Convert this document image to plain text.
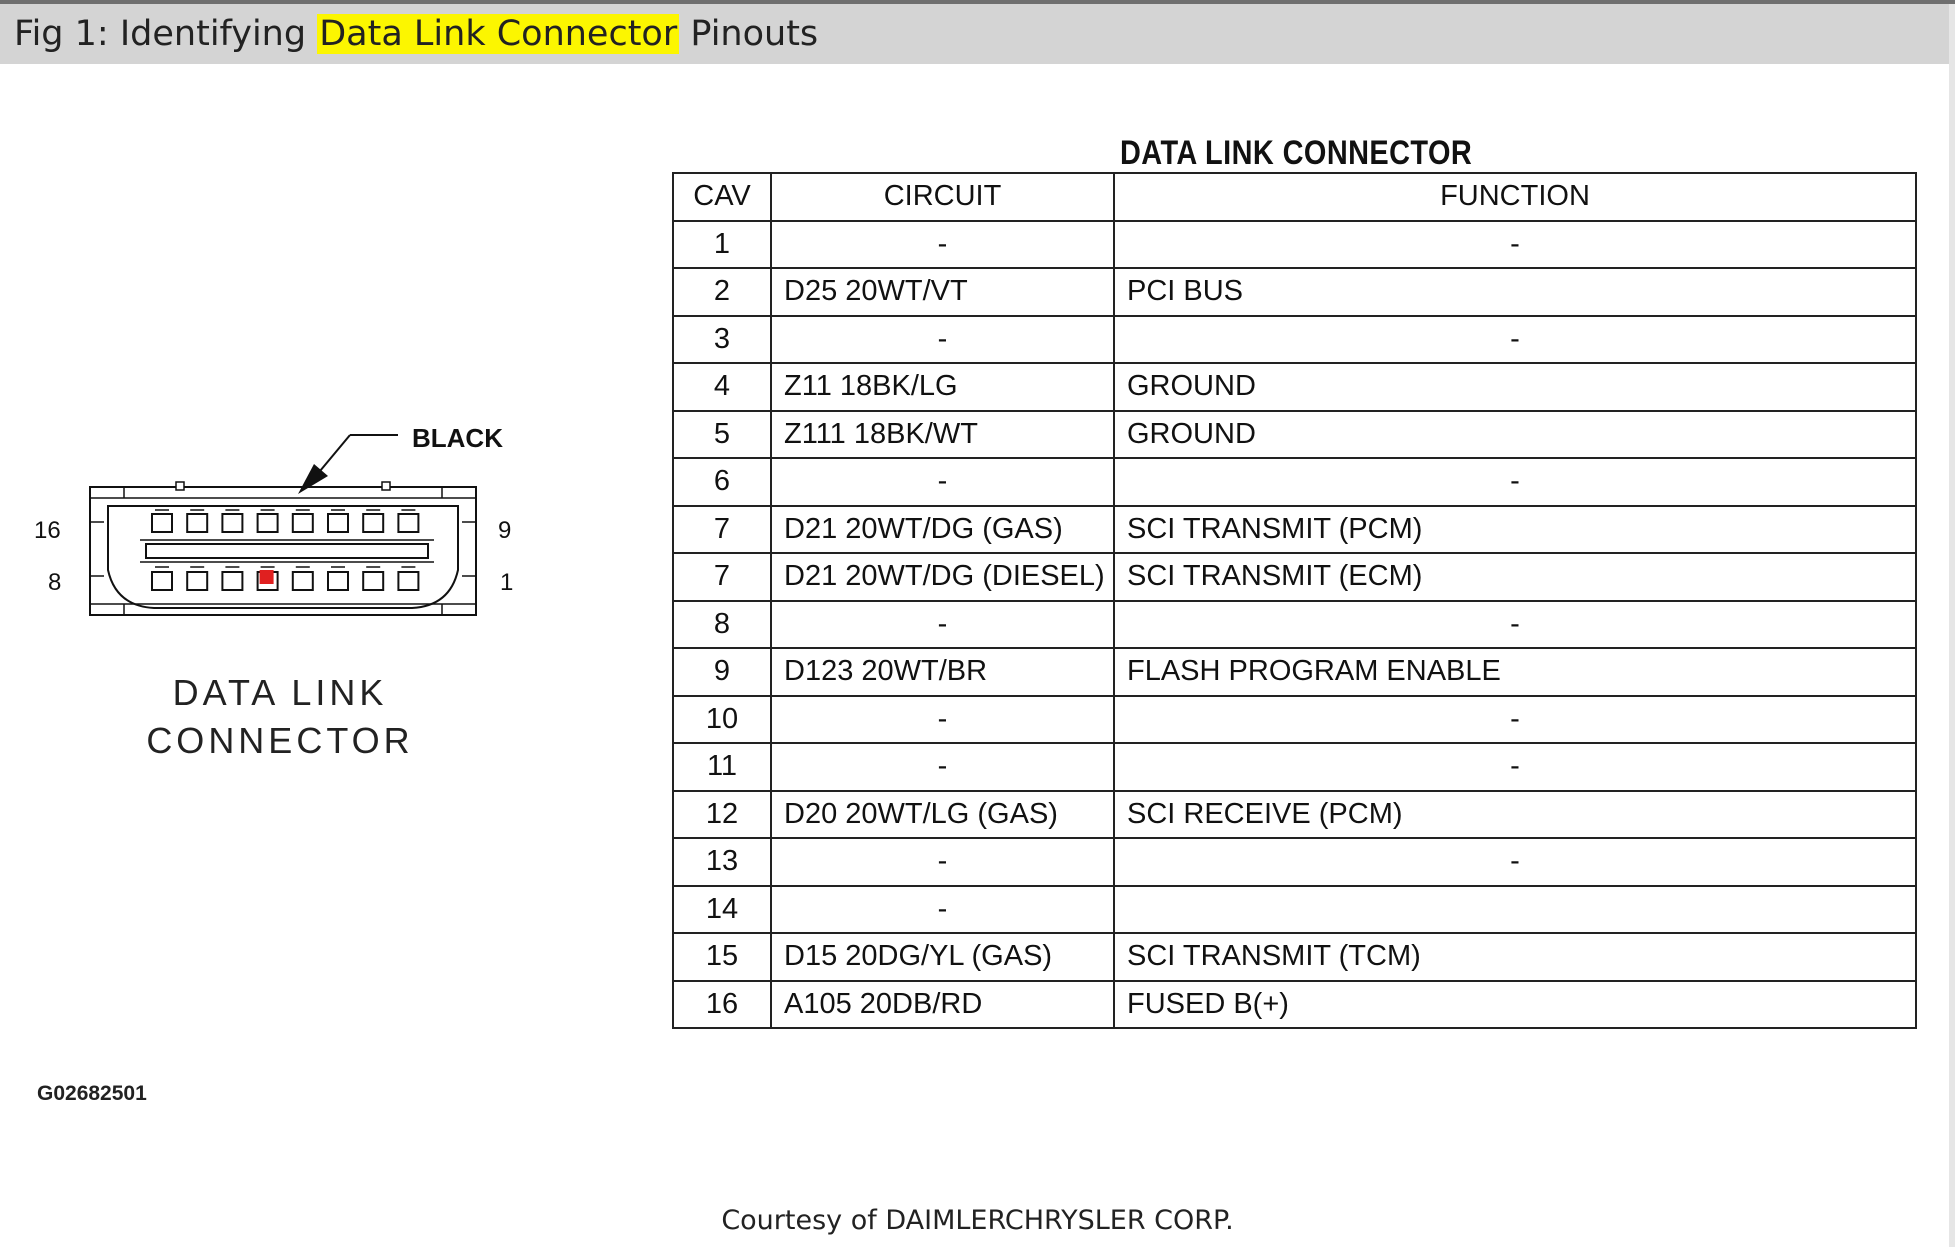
Fig 1: Identifying Data Link Connector Pinouts
BLACK
16	9
8	1
DATA LINK
CONNECTOR
G02682501
DATA LINK CONNECTOR
CAV	CIRCUIT	FUNCTION
1	-	-
2	D25 20WT/VT	PCI BUS
3	-	-
4	Z11 18BK/LG	GROUND
5	Z111 18BK/WT	GROUND
6	-	-
7	D21 20WT/DG (GAS)	SCI TRANSMIT (PCM)
7	D21 20WT/DG (DIESEL)	SCI TRANSMIT (ECM)
8	-	-
9	D123 20WT/BR	FLASH PROGRAM ENABLE
10	-	-
11	-	-
12	D20 20WT/LG (GAS)	SCI RECEIVE (PCM)
13	-	-
14	-	
15	D15 20DG/YL (GAS)	SCI TRANSMIT (TCM)
16	A105 20DB/RD	FUSED B(+)
Courtesy of DAIMLERCHRYSLER CORP.
